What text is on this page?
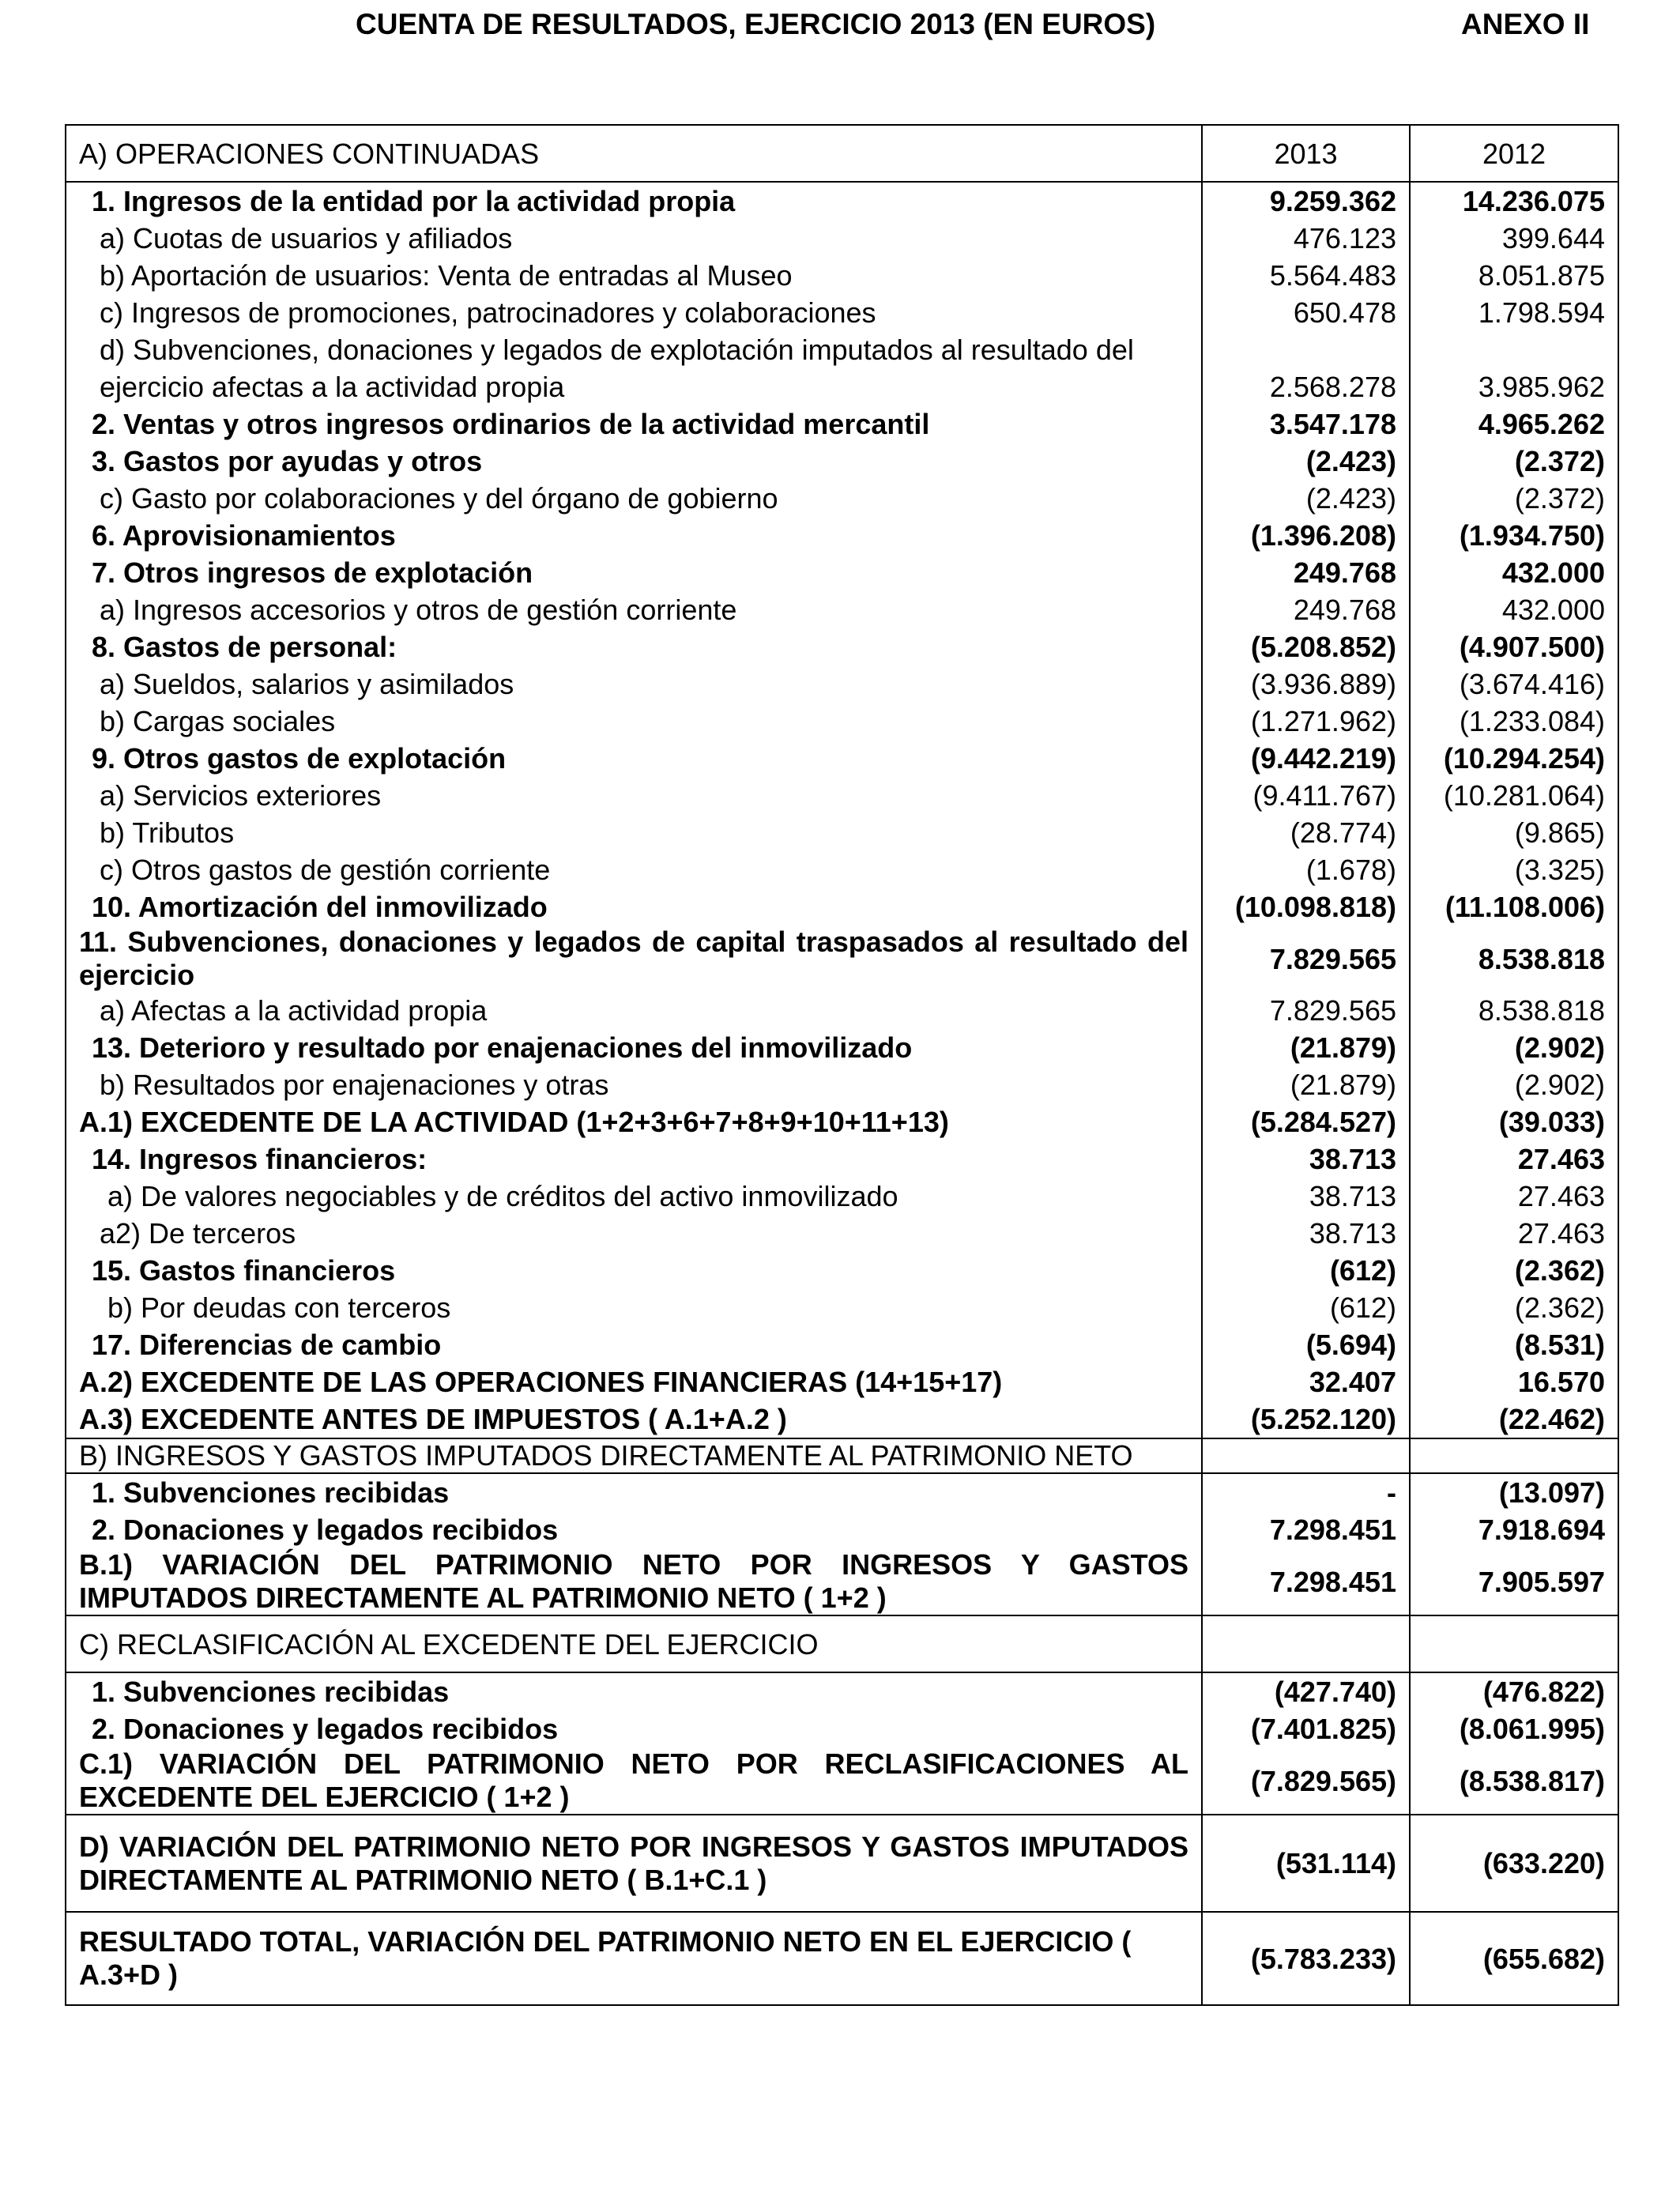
CUENTA DE RESULTADOS, EJERCICIO 2013 (EN EUROS)	ANEXO II
A) OPERACIONES CONTINUADAS	2013	2012
1. Ingresos de la entidad por la actividad propia	9.259.362	14.236.075
a) Cuotas de usuarios y afiliados	476.123	399.644
b) Aportación de usuarios: Venta de entradas al Museo	5.564.483	8.051.875
c) Ingresos de promociones, patrocinadores y colaboraciones	650.478	1.798.594
d) Subvenciones, donaciones y legados de explotación imputados al resultado del		
ejercicio afectas a la actividad propia	2.568.278	3.985.962
2. Ventas y otros ingresos ordinarios de la actividad mercantil	3.547.178	4.965.262
3. Gastos por ayudas y otros	(2.423)	(2.372)
c) Gasto por colaboraciones y del órgano de gobierno	(2.423)	(2.372)
6. Aprovisionamientos	(1.396.208)	(1.934.750)
7. Otros ingresos de explotación	249.768	432.000
a) Ingresos accesorios y otros de gestión corriente	249.768	432.000
8. Gastos de personal:	(5.208.852)	(4.907.500)
a) Sueldos, salarios y asimilados	(3.936.889)	(3.674.416)
b) Cargas sociales	(1.271.962)	(1.233.084)
9. Otros gastos de explotación	(9.442.219)	(10.294.254)
a) Servicios exteriores	(9.411.767)	(10.281.064)
b) Tributos	(28.774)	(9.865)
c) Otros gastos de gestión corriente	(1.678)	(3.325)
10. Amortización del inmovilizado	(10.098.818)	(11.108.006)
11. Subvenciones, donaciones y legados de capital traspasados al resultado del ejercicio	7.829.565	8.538.818
a) Afectas a la actividad propia	7.829.565	8.538.818
13. Deterioro y resultado por enajenaciones del inmovilizado	(21.879)	(2.902)
b) Resultados por enajenaciones y otras	(21.879)	(2.902)
A.1) EXCEDENTE DE LA ACTIVIDAD (1+2+3+6+7+8+9+10+11+13)	(5.284.527)	(39.033)
14. Ingresos financieros:	38.713	27.463
a) De valores negociables y de créditos del activo inmovilizado	38.713	27.463
a2) De terceros	38.713	27.463
15. Gastos financieros	(612)	(2.362)
b) Por deudas con terceros	(612)	(2.362)
17. Diferencias de cambio	(5.694)	(8.531)
A.2) EXCEDENTE DE LAS OPERACIONES FINANCIERAS (14+15+17)	32.407	16.570
A.3) EXCEDENTE ANTES DE IMPUESTOS ( A.1+A.2 )	(5.252.120)	(22.462)
B) INGRESOS Y GASTOS IMPUTADOS DIRECTAMENTE AL PATRIMONIO NETO		
1. Subvenciones recibidas	-	(13.097)
2. Donaciones y legados recibidos	7.298.451	7.918.694
B.1) VARIACIÓN DEL PATRIMONIO NETO POR INGRESOS Y GASTOS IMPUTADOS DIRECTAMENTE AL PATRIMONIO NETO ( 1+2 )	7.298.451	7.905.597
C) RECLASIFICACIÓN AL EXCEDENTE DEL EJERCICIO		
1. Subvenciones recibidas	(427.740)	(476.822)
2. Donaciones y legados recibidos	(7.401.825)	(8.061.995)
C.1) VARIACIÓN DEL PATRIMONIO NETO POR RECLASIFICACIONES AL EXCEDENTE DEL EJERCICIO ( 1+2 )	(7.829.565)	(8.538.817)
D) VARIACIÓN DEL PATRIMONIO NETO POR INGRESOS Y GASTOS IMPUTADOS DIRECTAMENTE AL PATRIMONIO NETO ( B.1+C.1 )	(531.114)	(633.220)
RESULTADO TOTAL, VARIACIÓN DEL PATRIMONIO NETO EN EL EJERCICIO ( A.3+D )	(5.783.233)	(655.682)
